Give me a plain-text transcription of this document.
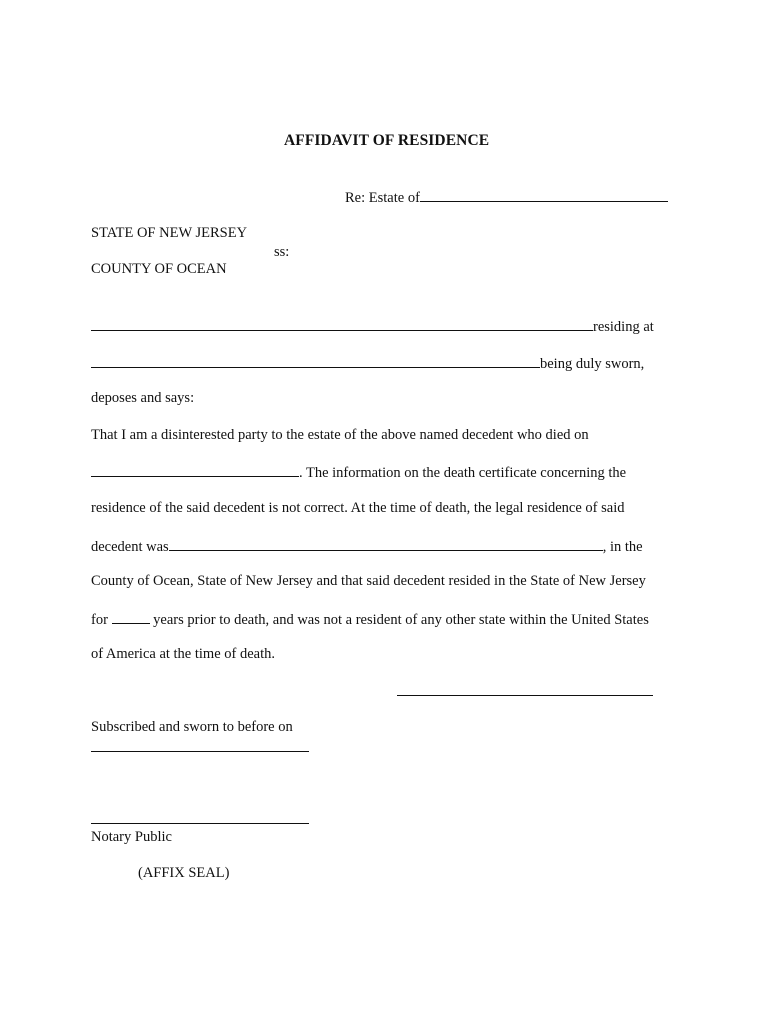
AFFIDAVIT OF RESIDENCE
Re: Estate of
STATE OF NEW JERSEY
ss:
COUNTY OF OCEAN
residing at
being duly sworn,
deposes and says:
That I am a disinterested party to the estate of the above named decedent who died on
. The information on the death certificate concerning the
residence of the said decedent is not correct. At the time of death, the legal residence of said
decedent was	, in the
County of Ocean, State of New Jersey and that said decedent resided in the State of New Jersey
for	years prior to death, and was not a resident of any other state within the United States
of America at the time of death.
Subscribed and sworn to before on
Notary Public
(AFFIX SEAL)
